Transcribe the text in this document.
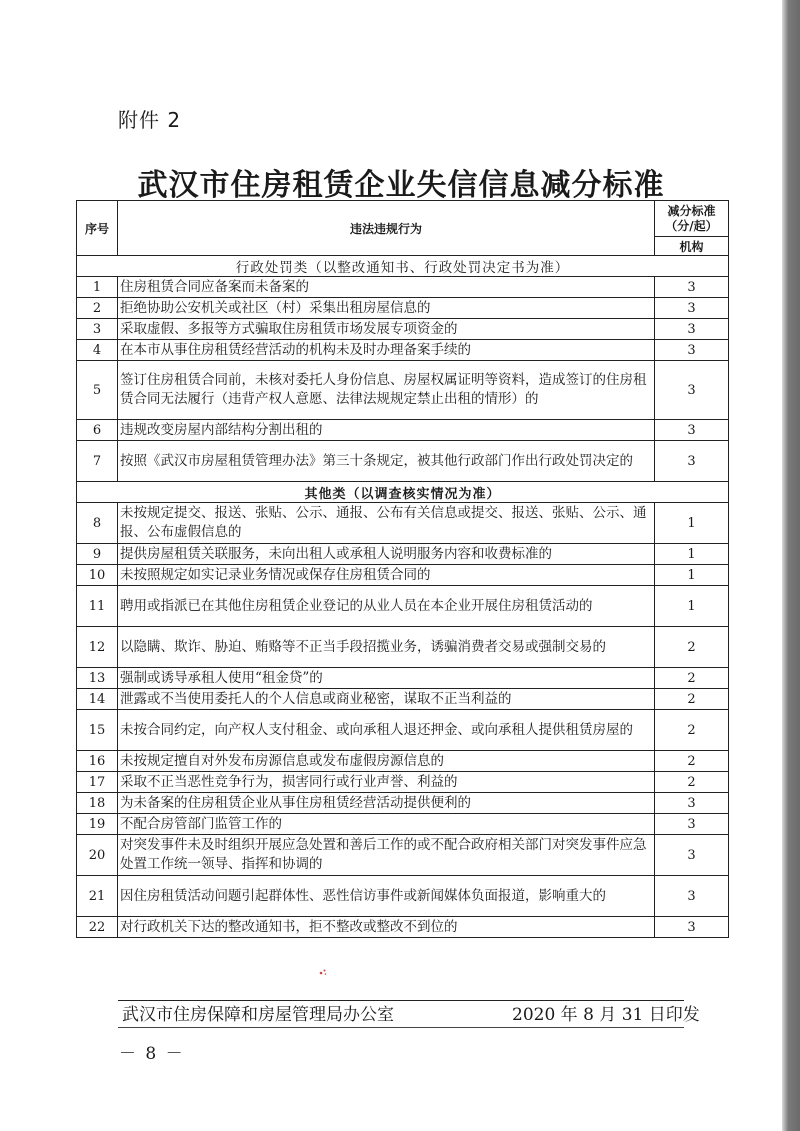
附件 2
武汉市住房租赁企业失信信息减分标准
序号	违法违规行为	减分标准（分/起）
		机构
行政处罚类（以整改通知书、行政处罚决定书为准）		
1	住房租赁合同应备案而未备案的	3
2	拒绝协助公安机关或社区（村）采集出租房屋信息的	3
3	采取虚假、多报等方式骗取住房租赁市场发展专项资金的	3
4	在本市从事住房租赁经营活动的机构未及时办理备案手续的	3
5	签订住房租赁合同前，未核对委托人身份信息、房屋权属证明等资料，造成签订的住房租赁合同无法履行（违背产权人意愿、法律法规规定禁止出租的情形）的	3
6	违规改变房屋内部结构分割出租的	3
7	按照《武汉市房屋租赁管理办法》第三十条规定，被其他行政部门作出行政处罚决定的	3
其他类（以调查核实情况为准）		
8	未按规定提交、报送、张贴、公示、通报、公布有关信息或提交、报送、张贴、公示、通报、公布虚假信息的	1
9	提供房屋租赁关联服务，未向出租人或承租人说明服务内容和收费标准的	1
10	未按照规定如实记录业务情况或保存住房租赁合同的	1
11	聘用或指派已在其他住房租赁企业登记的从业人员在本企业开展住房租赁活动的	1
12	以隐瞒、欺诈、胁迫、贿赂等不正当手段招揽业务，诱骗消费者交易或强制交易的	2
13	强制或诱导承租人使用“租金贷”的	2
14	泄露或不当使用委托人的个人信息或商业秘密，谋取不正当利益的	2
15	未按合同约定，向产权人支付租金、或向承租人退还押金、或向承租人提供租赁房屋的	2
16	未按规定擅自对外发布房源信息或发布虚假房源信息的	2
17	采取不正当恶性竞争行为，损害同行或行业声誉、利益的	2
18	为未备案的住房租赁企业从事住房租赁经营活动提供便利的	3
19	不配合房管部门监管工作的	3
20	对突发事件未及时组织开展应急处置和善后工作的或不配合政府相关部门对突发事件应急处置工作统一领导、指挥和协调的	3
21	因住房租赁活动问题引起群体性、恶性信访事件或新闻媒体负面报道，影响重大的	3
22	对行政机关下达的整改通知书，拒不整改或整改不到位的	3
武汉市住房保障和房屋管理局办公室	2020 年 8 月 31 日印发
－ 8 －
